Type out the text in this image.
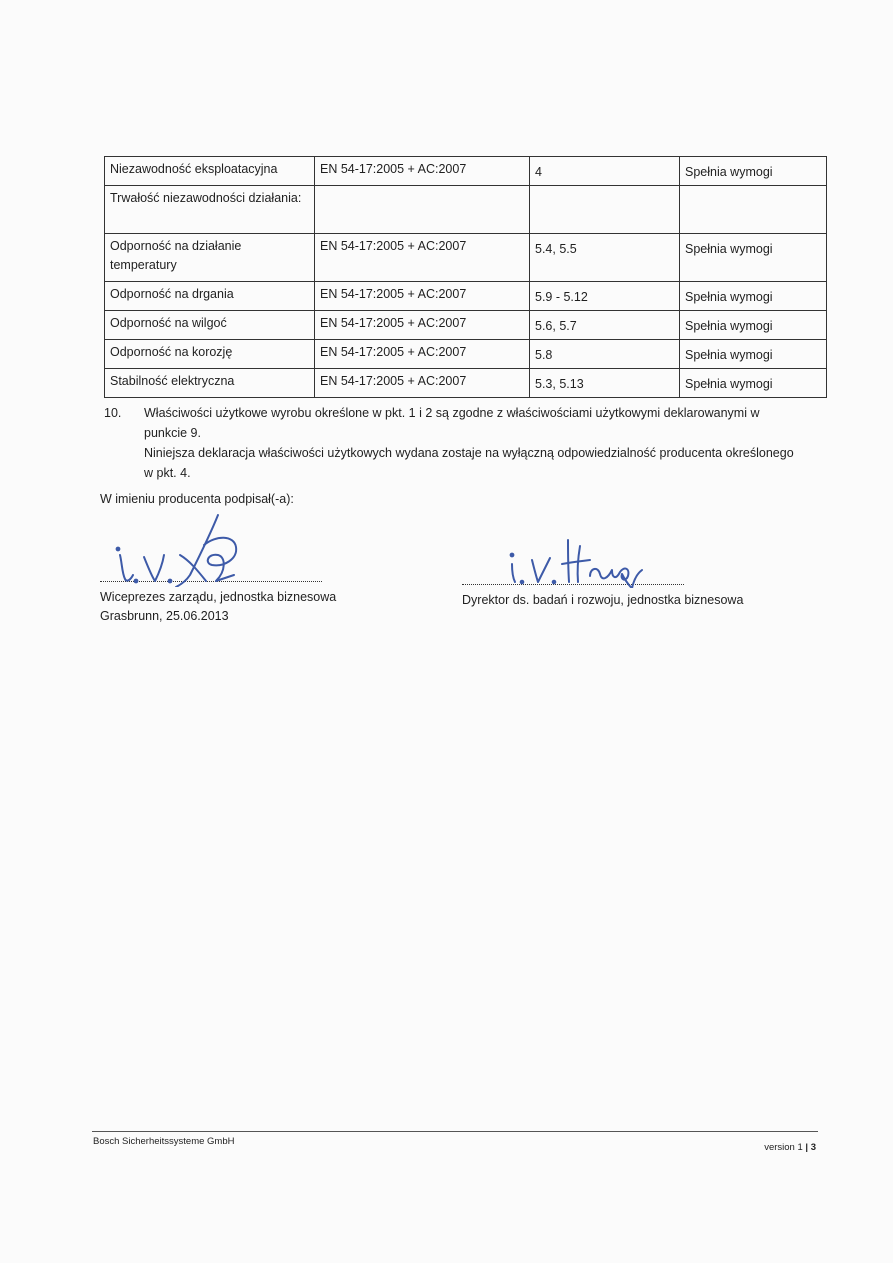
Niezawodność eksploatacyjna	EN 54-17:2005 + AC:2007	4	Spełnia wymogi
Trwałość niezawodności działania:			
Odporność na działanie temperatury	EN 54-17:2005 + AC:2007	5.4, 5.5	Spełnia wymogi
Odporność na drgania	EN 54-17:2005 + AC:2007	5.9 - 5.12	Spełnia wymogi
Odporność na wilgoć	EN 54-17:2005 + AC:2007	5.6, 5.7	Spełnia wymogi
Odporność na korozję	EN 54-17:2005 + AC:2007	5.8	Spełnia wymogi
Stabilność elektryczna	EN 54-17:2005 + AC:2007	5.3, 5.13	Spełnia wymogi
10.	Właściwości użytkowe wyrobu określone w pkt. 1 i 2 są zgodne z właściwościami użytkowymi deklarowanymi w punkcie 9.

Niniejsza deklaracja właściwości użytkowych wydana zostaje na wyłączną odpowiedzialność producenta określonego w pkt. 4.

W imieniu producenta podpisał(-a):
Wiceprezes zarządu, jednostka biznesowa
Grasbrunn, 25.06.2013
Dyrektor ds. badań i rozwoju, jednostka biznesowa
Bosch Sicherheitssysteme GmbH
version 1 | 3
